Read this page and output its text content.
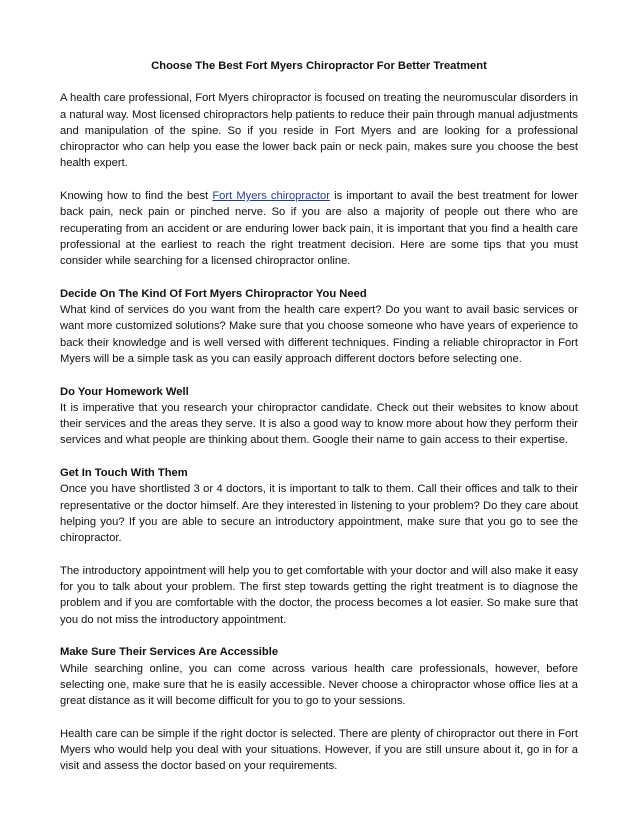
Choose The Best Fort Myers Chiropractor For Better Treatment

A health care professional, Fort Myers chiropractor is focused on treating the neuromuscular disorders in a natural way. Most licensed chiropractors help patients to reduce their pain through manual adjustments and manipulation of the spine. So if you reside in Fort Myers and are looking for a professional chiropractor who can help you ease the lower back pain or neck pain, makes sure you choose the best health expert.

Knowing how to find the best Fort Myers chiropractor is important to avail the best treatment for lower back pain, neck pain or pinched nerve. So if you are also a majority of people out there who are recuperating from an accident or are enduring lower back pain, it is important that you find a health care professional at the earliest to reach the right treatment decision. Here are some tips that you must consider while searching for a licensed chiropractor online.

Decide On The Kind Of Fort Myers Chiropractor You Need
What kind of services do you want from the health care expert? Do you want to avail basic services or want more customized solutions? Make sure that you choose someone who have years of experience to back their knowledge and is well versed with different techniques. Finding a reliable chiropractor in Fort Myers will be a simple task as you can easily approach different doctors before selecting one.

Do Your Homework Well
It is imperative that you research your chiropractor candidate. Check out their websites to know about their services and the areas they serve. It is also a good way to know more about how they perform their services and what people are thinking about them. Google their name to gain access to their expertise.

Get In Touch With Them
Once you have shortlisted 3 or 4 doctors, it is important to talk to them. Call their offices and talk to their representative or the doctor himself. Are they interested in listening to your problem? Do they care about helping you? If you are able to secure an introductory appointment, make sure that you go to see the chiropractor.

The introductory appointment will help you to get comfortable with your doctor and will also make it easy for you to talk about your problem. The first step towards getting the right treatment is to diagnose the problem and if you are comfortable with the doctor, the process becomes a lot easier. So make sure that you do not miss the introductory appointment.

Make Sure Their Services Are Accessible
While searching online, you can come across various health care professionals, however, before selecting one, make sure that he is easily accessible. Never choose a chiropractor whose office lies at a great distance as it will become difficult for you to go to your sessions.

Health care can be simple if the right doctor is selected. There are plenty of chiropractor out there in Fort Myers who would help you deal with your situations. However, if you are still unsure about it, go in for a visit and assess the doctor based on your requirements.
